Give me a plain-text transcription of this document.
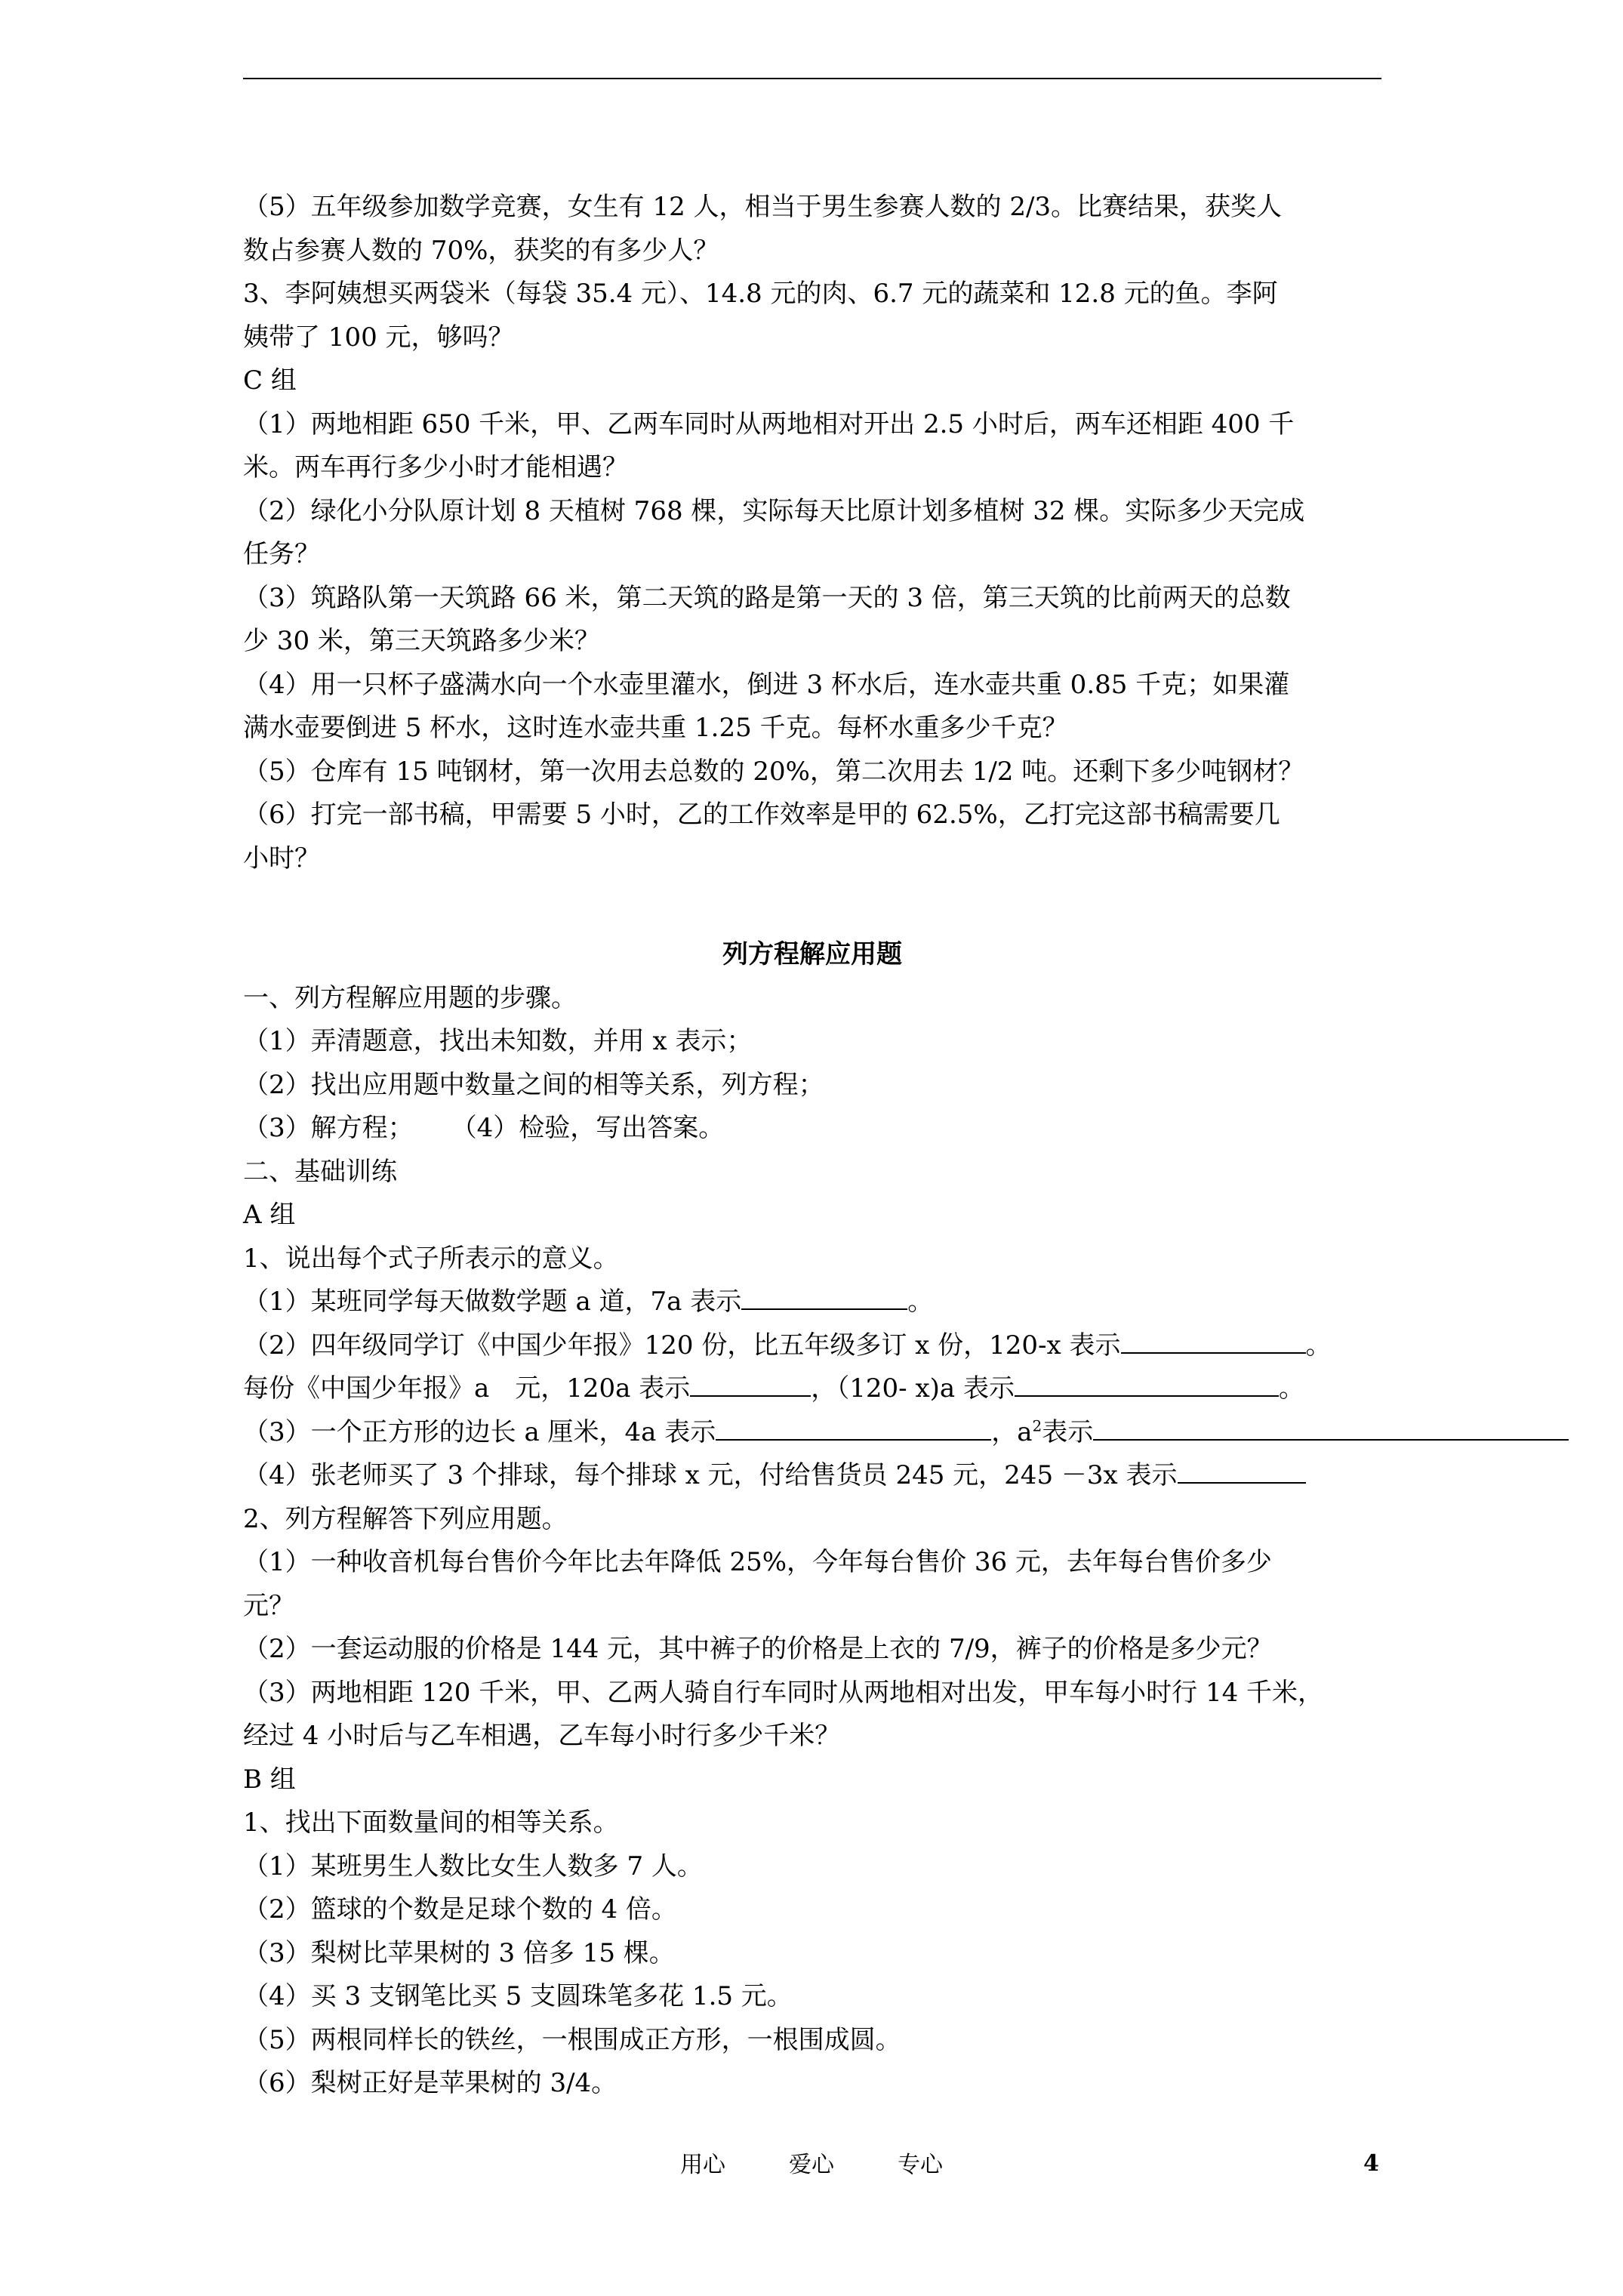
（5）五年级参加数学竞赛，女生有 12 人，相当于男生参赛人数的 2/3。比赛结果，获奖人
数占参赛人数的 70%，获奖的有多少人？
3、李阿姨想买两袋米（每袋 35.4 元）、14.8 元的肉、6.7 元的蔬菜和 12.8 元的鱼。李阿
姨带了 100 元，够吗？
C 组
（1）两地相距 650 千米，甲、乙两车同时从两地相对开出 2.5 小时后，两车还相距 400 千
米。两车再行多少小时才能相遇？
（2）绿化小分队原计划 8 天植树 768 棵，实际每天比原计划多植树 32 棵。实际多少天完成
任务？
（3）筑路队第一天筑路 66 米，第二天筑的路是第一天的 3 倍，第三天筑的比前两天的总数
少 30 米，第三天筑路多少米？
（4）用一只杯子盛满水向一个水壶里灌水，倒进 3 杯水后，连水壶共重 0.85 千克；如果灌
满水壶要倒进 5 杯水，这时连水壶共重 1.25 千克。每杯水重多少千克？
（5）仓库有 15 吨钢材，第一次用去总数的 20%，第二次用去 1/2 吨。还剩下多少吨钢材？
（6）打完一部书稿，甲需要 5 小时，乙的工作效率是甲的 62.5%，乙打完这部书稿需要几
小时？
列方程解应用题
一、列方程解应用题的步骤。
（1）弄清题意，找出未知数，并用 x 表示；
（2）找出应用题中数量之间的相等关系，列方程；
（3）解方程； （4）检验，写出答案。
二、基础训练
A 组
1、说出每个式子所表示的意义。
（1）某班同学每天做数学题 a 道，7a 表示	。
（2）四年级同学订《中国少年报》120 份，比五年级多订 x 份，120-x 表示	。
每份《中国少年报》a　元，120a 表示	，（120- x)a 表示	。
（3）一个正方形的边长 a 厘米，4a 表示	，$a^2$表示
（4）张老师买了 3 个排球，每个排球 x 元，付给售货员 245 元，245 －3x 表示
2、列方程解答下列应用题。
（1）一种收音机每台售价今年比去年降低 25%，今年每台售价 36 元，去年每台售价多少
元？
（2）一套运动服的价格是 144 元，其中裤子的价格是上衣的 7/9，裤子的价格是多少元？
（3）两地相距 120 千米，甲、乙两人骑自行车同时从两地相对出发，甲车每小时行 14 千米，
经过 4 小时后与乙车相遇，乙车每小时行多少千米？
B 组
1、找出下面数量间的相等关系。
（1）某班男生人数比女生人数多 7 人。
（2）篮球的个数是足球个数的 4 倍。
（3）梨树比苹果树的 3 倍多 15 棵。
（4）买 3 支钢笔比买 5 支圆珠笔多花 1.5 元。
（5）两根同样长的铁丝，一根围成正方形，一根围成圆。
（6）梨树正好是苹果树的 3/4。
用心	爱心	专心	4
